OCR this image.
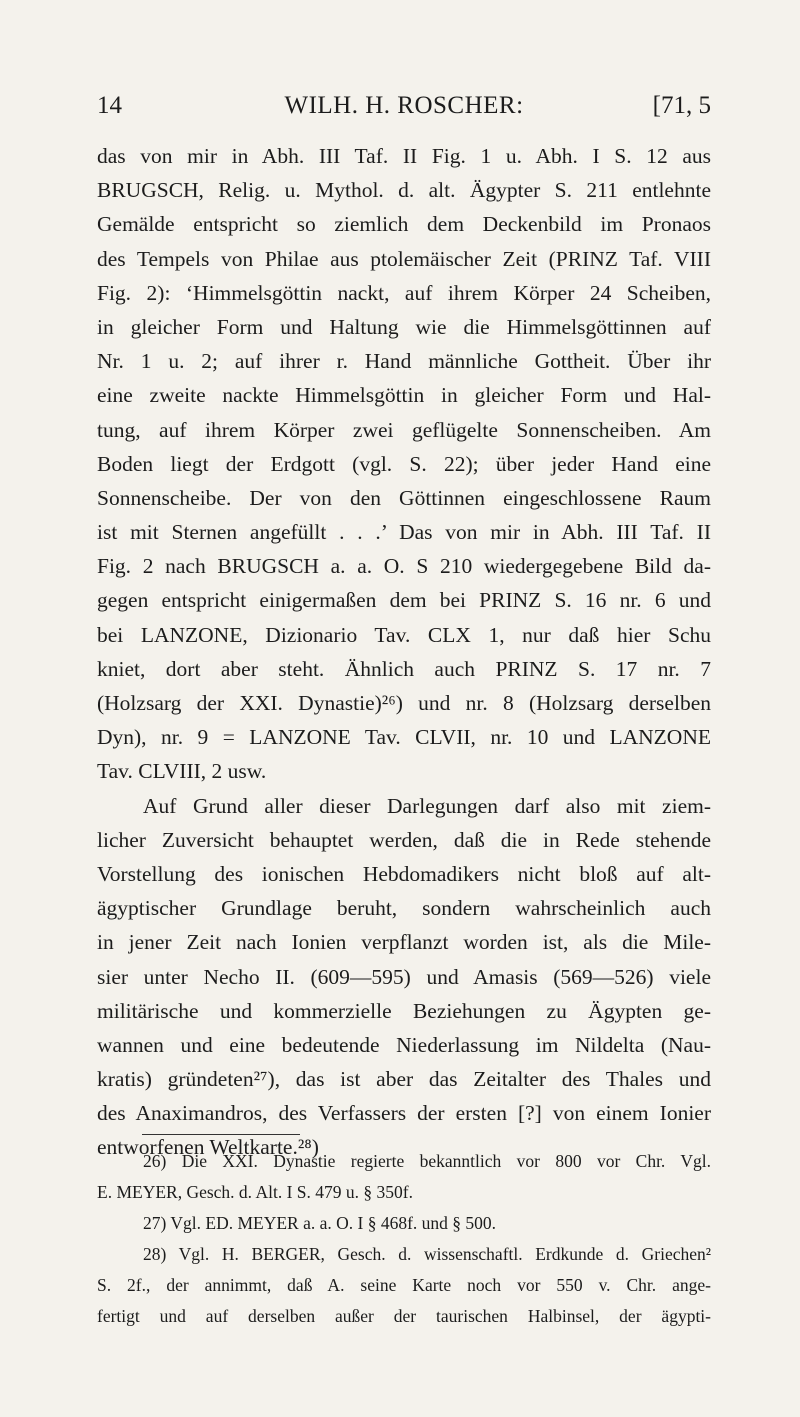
14	WILH. H. ROSCHER:	[71, 5
das von mir in Abh. III Taf. II Fig. 1 u. Abh. I S. 12 aus
BRUGSCH, Relig. u. Mythol. d. alt. Ägypter S. 211 entlehnte
Gemälde entspricht so ziemlich dem Deckenbild im Pronaos
des Tempels von Philae aus ptolemäischer Zeit (PRINZ Taf. VIII
Fig. 2): ‘Himmelsgöttin nackt, auf ihrem Körper 24 Scheiben,
in gleicher Form und Haltung wie die Himmelsgöttinnen auf
Nr. 1 u. 2; auf ihrer r. Hand männliche Gottheit. Über ihr
eine zweite nackte Himmelsgöttin in gleicher Form und Hal-
tung, auf ihrem Körper zwei geflügelte Sonnenscheiben. Am
Boden liegt der Erdgott (vgl. S. 22); über jeder Hand eine
Sonnenscheibe. Der von den Göttinnen eingeschlossene Raum
ist mit Sternen angefüllt . . .’ Das von mir in Abh. III Taf. II
Fig. 2 nach BRUGSCH a. a. O. S 210 wiedergegebene Bild da-
gegen entspricht einigermaßen dem bei PRINZ S. 16 nr. 6 und
bei LANZONE, Dizionario Tav. CLX 1, nur daß hier Schu
kniet, dort aber steht. Ähnlich auch PRINZ S. 17 nr. 7
(Holzsarg der XXI. Dynastie)²⁶) und nr. 8 (Holzsarg derselben
Dyn), nr. 9 = LANZONE Tav. CLVII, nr. 10 und LANZONE
Tav. CLVIII, 2 usw.
Auf Grund aller dieser Darlegungen darf also mit ziem-
licher Zuversicht behauptet werden, daß die in Rede stehende
Vorstellung des ionischen Hebdomadikers nicht bloß auf alt-
ägyptischer Grundlage beruht, sondern wahrscheinlich auch
in jener Zeit nach Ionien verpflanzt worden ist, als die Mile-
sier unter Necho II. (609—595) und Amasis (569—526) viele
militärische und kommerzielle Beziehungen zu Ägypten ge-
wannen und eine bedeutende Niederlassung im Nildelta (Nau-
kratis) gründeten²⁷), das ist aber das Zeitalter des Thales und
des Anaximandros, des Verfassers der ersten [?] von einem Ionier
entworfenen Weltkarte.²⁸)
26) Die XXI. Dynastie regierte bekanntlich vor 800 vor Chr. Vgl.
E. MEYER, Gesch. d. Alt. I S. 479 u. § 350f.
27) Vgl. ED. MEYER a. a. O. I § 468f. und § 500.
28) Vgl. H. BERGER, Gesch. d. wissenschaftl. Erdkunde d. Griechen²
S. 2f., der annimmt, daß A. seine Karte noch vor 550 v. Chr. ange-
fertigt und auf derselben außer der taurischen Halbinsel, der ägypti-
